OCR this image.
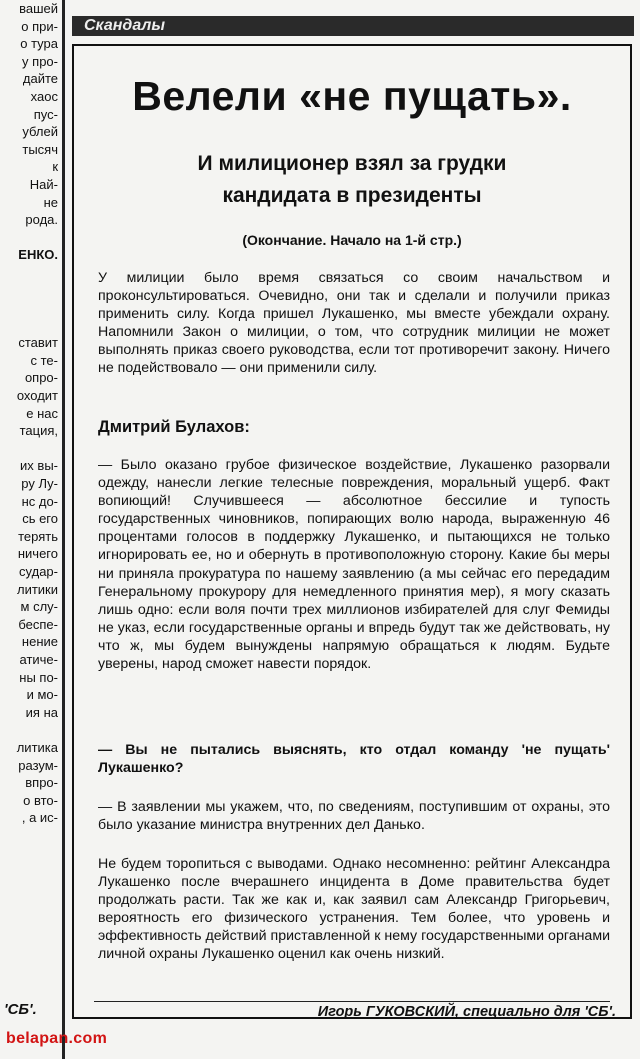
вашей
о при-
о тура
у про-
дайте
хаос
пус-
ублей
тысяч
к
Най-
не
рода.
ЕНКО.
ставит
с те-
опро-
оходит
е нас
тация,
их вы-
ру Лу-
нс до-
сь его
терять
ничего
судар-
литики
м слу-
беспе-
нение
атиче-
ны по-
и мо-
ия на
литика
разум-
впро-
о вто-
, а ис-
'СБ'.
Скандалы
Велели «не пущать».
И милиционер взял за грудки
кандидата в президенты
(Окончание. Начало на 1-й стр.)
У милиции было время связаться со своим начальством и проконсультироваться. Очевидно, они так и сделали и получили приказ применить силу. Когда пришел Лукашенко, мы вместе убеждали охрану. Напомнили Закон о милиции, о том, что сотрудник милиции не может выполнять приказ своего руководства, если тот противоречит закону. Ничего не подействовало — они применили силу.
Дмитрий Булахов:
— Было оказано грубое физическое воздействие, Лукашенко разорвали одежду, нанесли легкие телесные повреждения, моральный ущерб. Факт вопиющий! Случившееся — абсолютное бессилие и тупость государственных чиновников, попирающих волю народа, выраженную 46 процентами голосов в поддержку Лукашенко, и пытающихся не только игнорировать ее, но и обернуть в противоположную сторону. Какие бы меры ни приняла прокуратура по нашему заявлению (а мы сейчас его передадим Генеральному прокурору для немедленного принятия мер), я могу сказать лишь одно: если воля почти трех миллионов избирателей для слуг Фемиды не указ, если государственные органы и впредь будут так же действовать, ну что ж, мы будем вынуждены напрямую обращаться к людям. Будьте уверены, народ сможет навести порядок.
— Вы не пытались выяснять, кто отдал команду 'не пущать' Лукашенко?
— В заявлении мы укажем, что, по сведениям, поступившим от охраны, это было указание министра внутренних дел Данько.
Не будем торопиться с выводами. Однако несомненно: рейтинг Александра Лукашенко после вчерашнего инцидента в Доме правительства будет продолжать расти. Так же как и, как заявил сам Александр Григорьевич, вероятность его физического устранения. Тем более, что уровень и эффективность действий приставленной к нему государственными органами личной охраны Лукашенко оценил как очень низкий.
Игорь ГУКОВСКИЙ, специально для 'СБ'.
belapan.com
